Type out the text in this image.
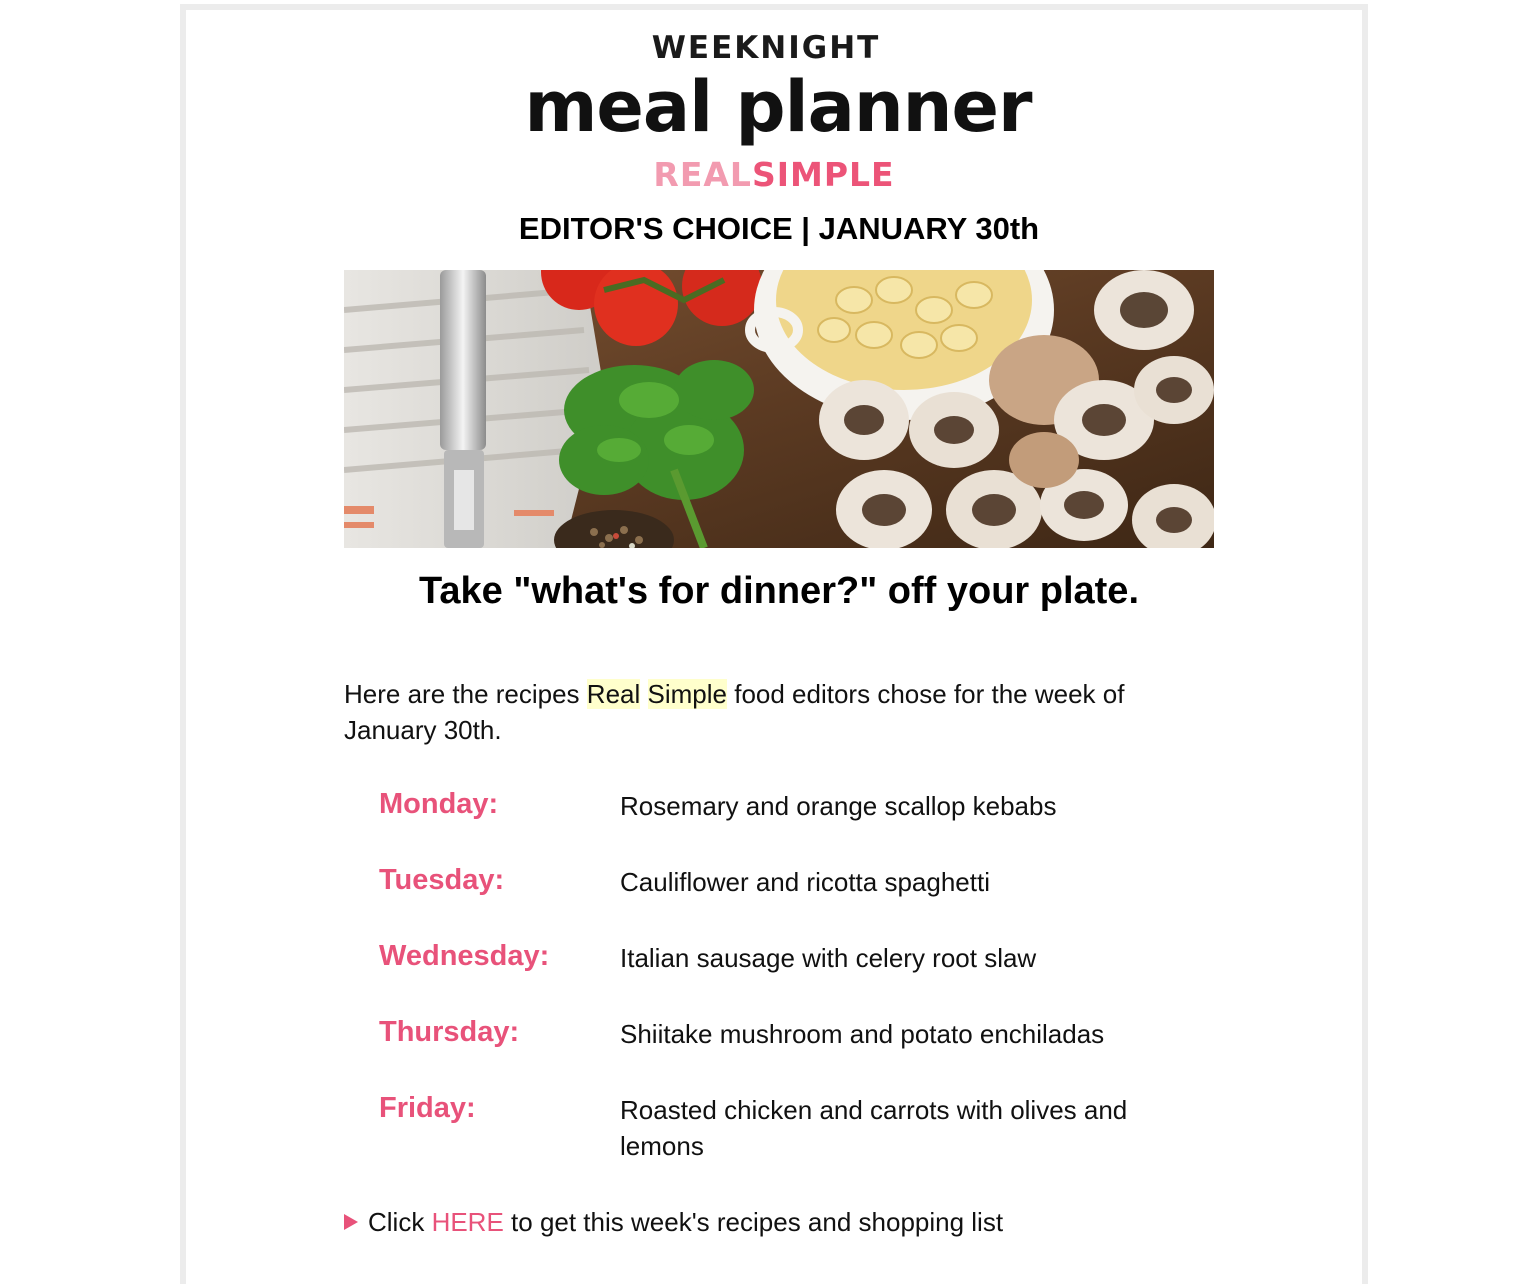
WEEKNIGHT
meal planner
REALSIMPLE
EDITOR'S CHOICE | JANUARY 30th
Take "what's for dinner?" off your plate.
Here are the recipes Real Simple food editors chose for the week of January 30th.
Monday:	Rosemary and orange scallop kebabs
Tuesday:	Cauliflower and ricotta spaghetti
Wednesday:	Italian sausage with celery root slaw
Thursday:	Shiitake mushroom and potato enchiladas
Friday:	Roasted chicken and carrots with olives and lemons
Click HERE to get this week's recipes and shopping list
